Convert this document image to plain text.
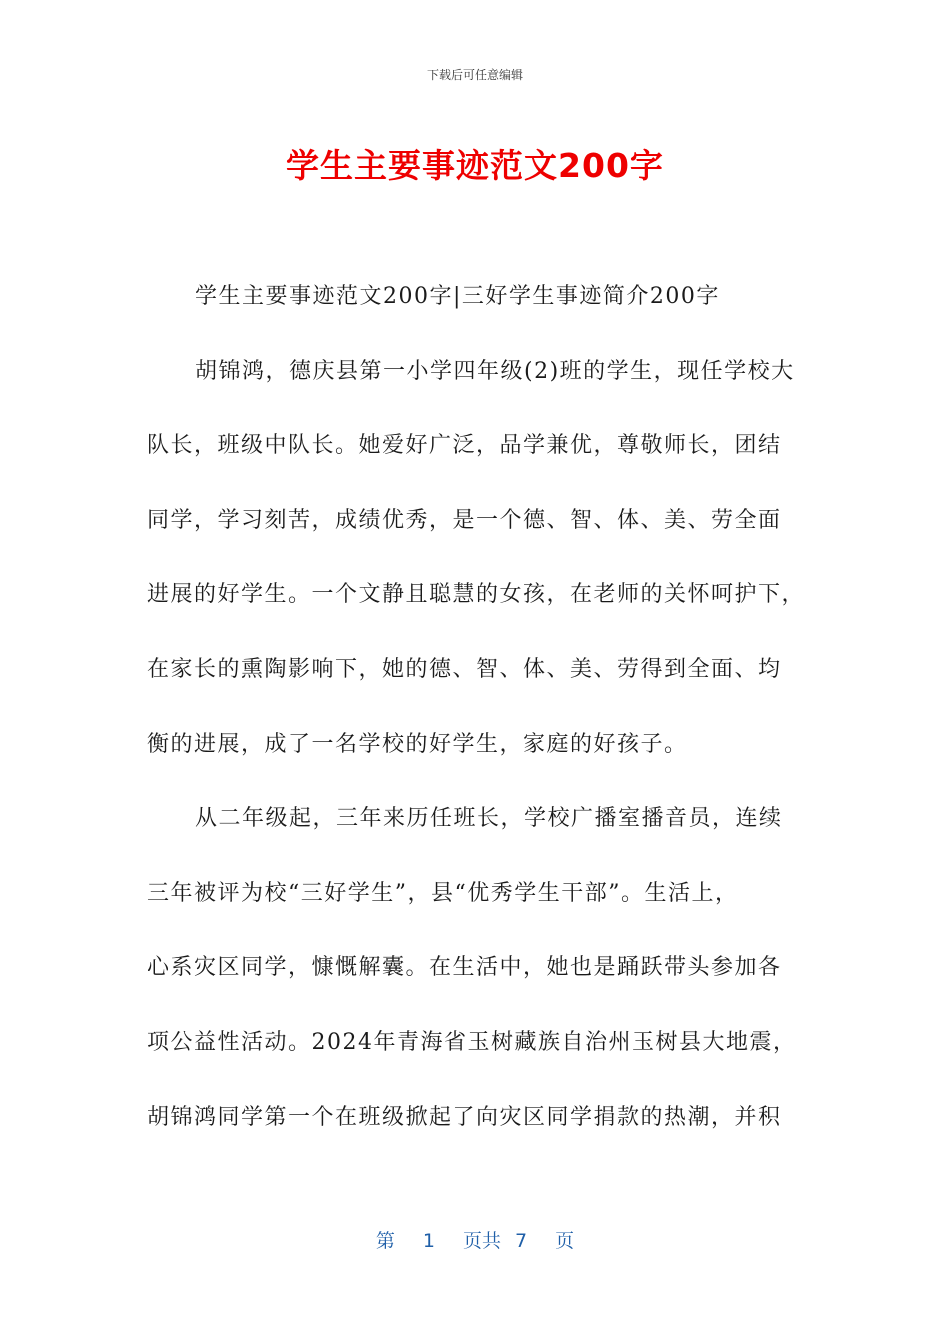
下载后可任意编辑
学生主要事迹范文200字
学生主要事迹范文200字|三好学生事迹简介200字
胡锦鸿，德庆县第一小学四年级(2)班的学生，现任学校大
队长，班级中队长。她爱好广泛，品学兼优，尊敬师长，团结
同学，学习刻苦，成绩优秀，是一个德、智、体、美、劳全面
进展的好学生。一个文静且聪慧的女孩，在老师的关怀呵护下，
在家长的熏陶影响下，她的德、智、体、美、劳得到全面、均
衡的进展，成了一名学校的好学生，家庭的好孩子。
从二年级起，三年来历任班长，学校广播室播音员，连续
三年被评为校“三好学生”，县“优秀学生干部”。生活上，
心系灾区同学，慷慨解囊。在生活中，她也是踊跃带头参加各
项公益性活动。2024年青海省玉树藏族自治州玉树县大地震，
胡锦鸿同学第一个在班级掀起了向灾区同学捐款的热潮，并积
第 1 页共 7 页
